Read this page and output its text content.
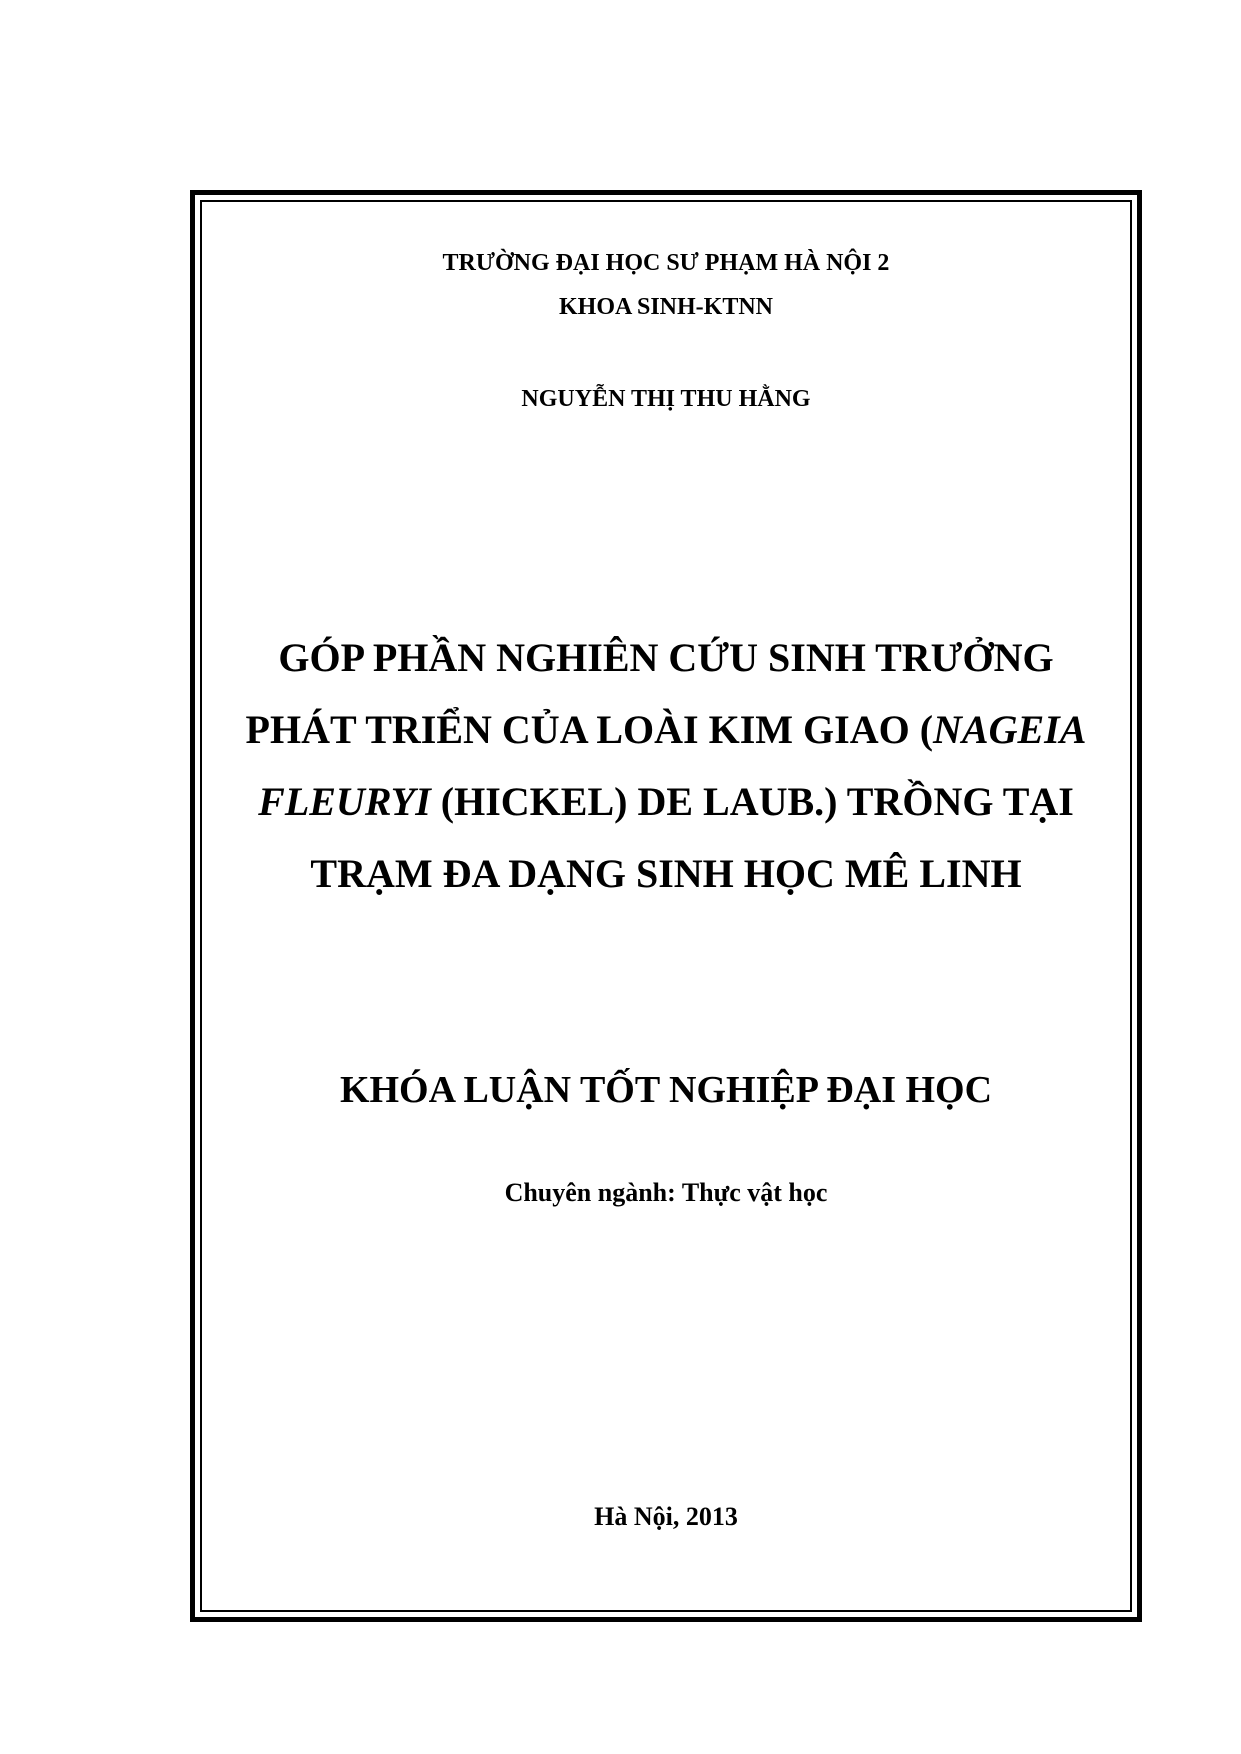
TRƯỜNG ĐẠI HỌC SƯ PHẠM HÀ NỘI 2
KHOA SINH-KTNN
NGUYỄN THỊ THU HẰNG
GÓP PHẦN NGHIÊN CỨU SINH TRƯỞNG
PHÁT TRIỂN CỦA LOÀI KIM GIAO (NAGEIA
FLEURYI (HICKEL) DE LAUB.) TRỒNG TẠI
TRẠM ĐA DẠNG SINH HỌC MÊ LINH
KHÓA LUẬN TỐT NGHIỆP ĐẠI HỌC
Chuyên ngành: Thực vật học
Hà Nội, 2013
